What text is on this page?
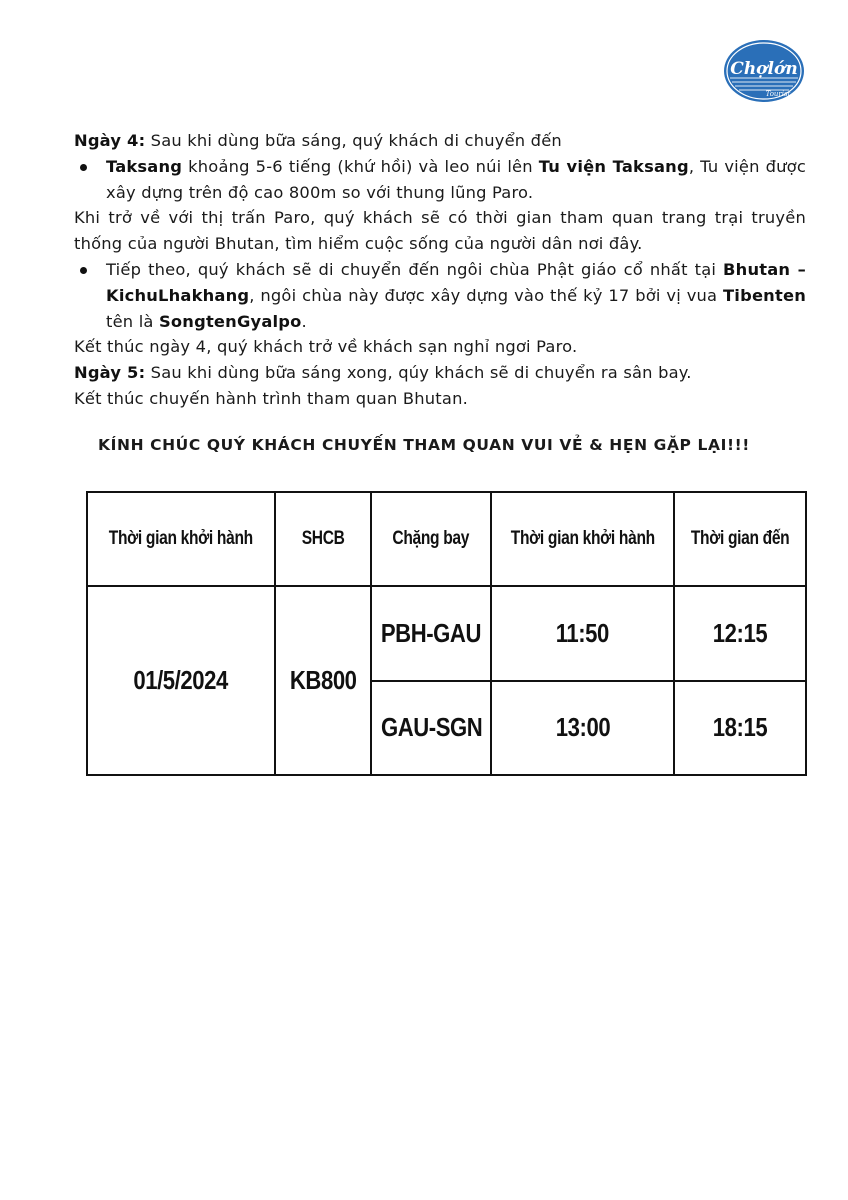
Chợlớn
Tourist

Ngày 4: Sau khi dùng bữa sáng, quý khách di chuyển đến

Taksang khoảng 5-6 tiếng (khứ hồi) và leo núi lên Tu viện Taksang, Tu viện được xây dựng trên độ cao 800m so với thung lũng Paro.

Khi trở về với thị trấn Paro, quý khách sẽ có thời gian tham quan trang trại truyền thống của người Bhutan, tìm hiểm cuộc sống của người dân nơi đây.

Tiếp theo, quý khách sẽ di chuyển đến ngôi chùa Phật giáo cổ nhất tại Bhutan – KichuLhakhang, ngôi chùa này được xây dựng vào thế kỷ 17 bởi vị vua Tibenten tên là SongtenGyalpo.

Kết thúc ngày 4, quý khách trở về khách sạn nghỉ ngơi Paro.

Ngày 5: Sau khi dùng bữa sáng xong, qúy khách sẽ di chuyển ra sân bay.

Kết thúc chuyến hành trình tham quan Bhutan.

KÍNH CHÚC QUÝ KHÁCH CHUYẾN THAM QUAN VUI VẺ & HẸN GẶP LẠI!!!
Thời gian khởi hành	SHCB	Chặng bay	Thời gian khởi hành	Thời gian đến
01/5/2024	KB800	PBH-GAU	11:50	12:15
		GAU-SGN	13:00	18:15
